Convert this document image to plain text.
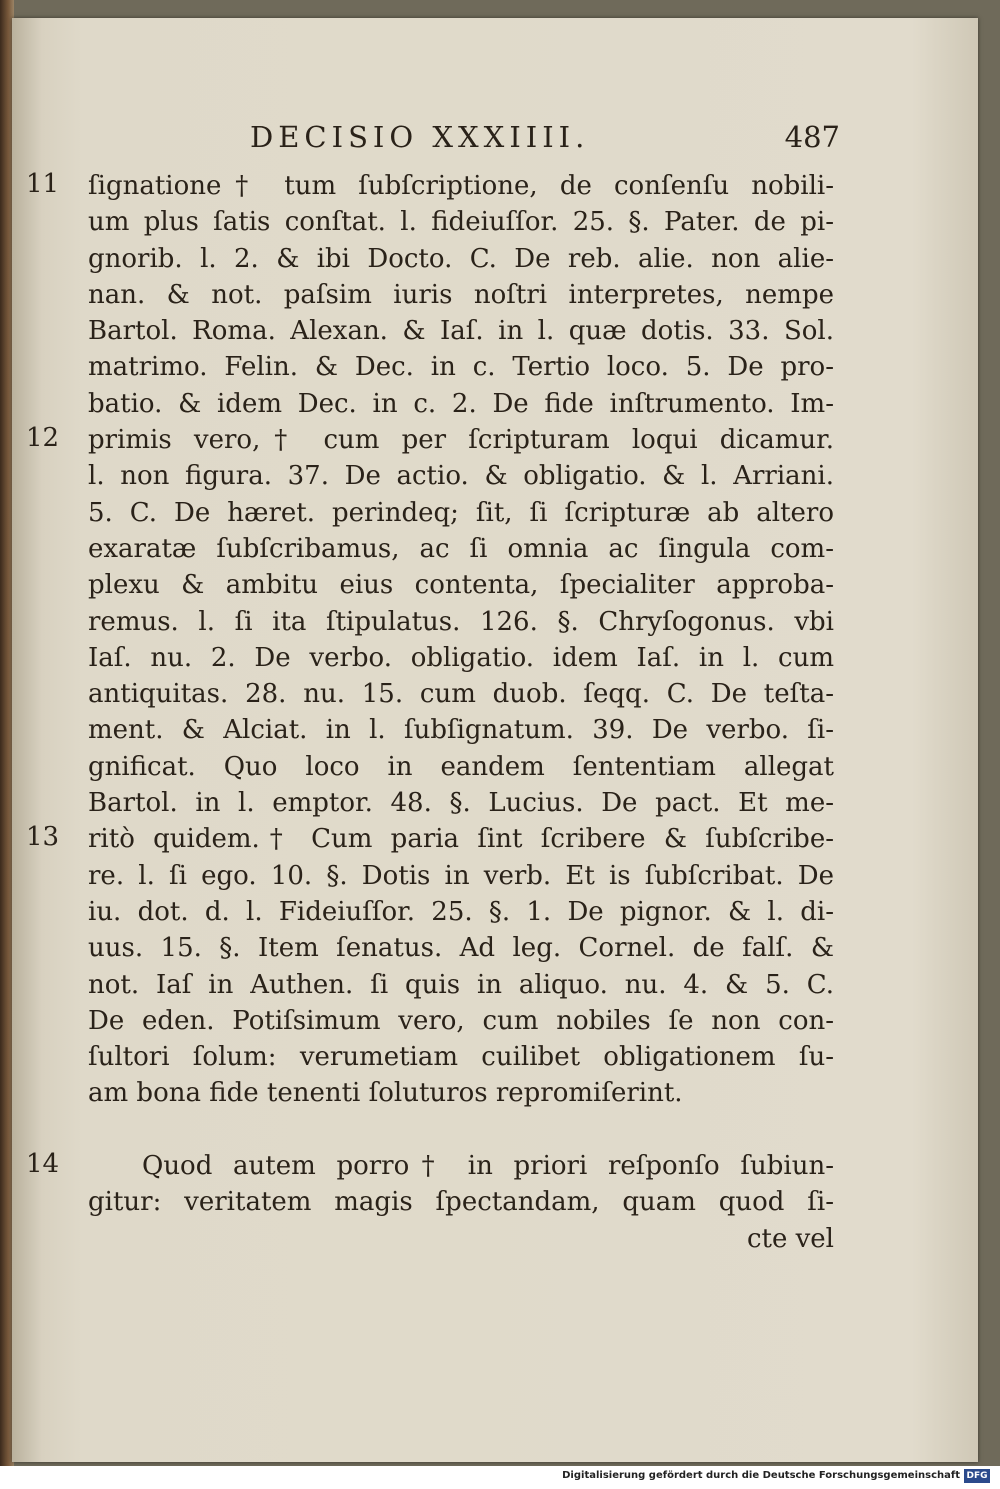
DECISIO XXXIIII.	487
11
12
13
14
ſignatione† tum ſubſcriptione, de conſenſu nobili-
um plus ſatis conſtat. l. fideiuſſor. 25. §. Pater. de pi-
gnorib. l. 2. & ibi Docto. C. De reb. alie. non alie-
nan. & not. paſsim iuris noſtri interpretes, nempe
Bartol. Roma. Alexan. & Iaſ. in l. quæ dotis. 33. Sol.
matrimo. Felin. & Dec. in c. Tertio loco. 5. De pro-
batio. & idem Dec. in c. 2. De fide inſtrumento. Im-
primis vero,† cum per ſcripturam loqui dicamur.
l. non figura. 37. De actio. & obligatio. & l. Arriani.
5. C. De hæret. perindeq; ſit, ſi ſcripturæ ab altero
exaratæ ſubſcribamus, ac ſi omnia ac ſingula com-
plexu & ambitu eius contenta, ſpecialiter approba-
remus. l. ſi ita ſtipulatus. 126. §. Chryſogonus. vbi
Iaſ. nu. 2. De verbo. obligatio. idem Iaſ. in l. cum
antiquitas. 28. nu. 15. cum duob. ſeqq. C. De teſta-
ment. & Alciat. in l. ſubſignatum. 39. De verbo. ſi-
gnificat. Quo loco in eandem ſententiam allegat
Bartol. in l. emptor. 48. §. Lucius. De pact. Et me-
ritò quidem.† Cum paria ſint ſcribere & ſubſcribe-
re. l. ſi ego. 10. §. Dotis in verb. Et is ſubſcribat. De
iu. dot. d. l. Fideiuſſor. 25. §. 1. De pignor. & l. di-
uus. 15. §. Item ſenatus. Ad leg. Cornel. de falſ. &
not. Iaſ in Authen. ſi quis in aliquo. nu. 4. & 5. C.
De eden. Potiſsimum vero, cum nobiles ſe non con-
ſultori ſolum: verumetiam cuilibet obligationem ſu-
am bona fide tenenti ſoluturos repromiſerint.
Quod autem porro† in priori reſponſo ſubiun-
gitur: veritatem magis ſpectandam, quam quod ſi-
cte vel
Digitalisierung gefördert durch die Deutsche Forschungsgemeinschaft DFG
